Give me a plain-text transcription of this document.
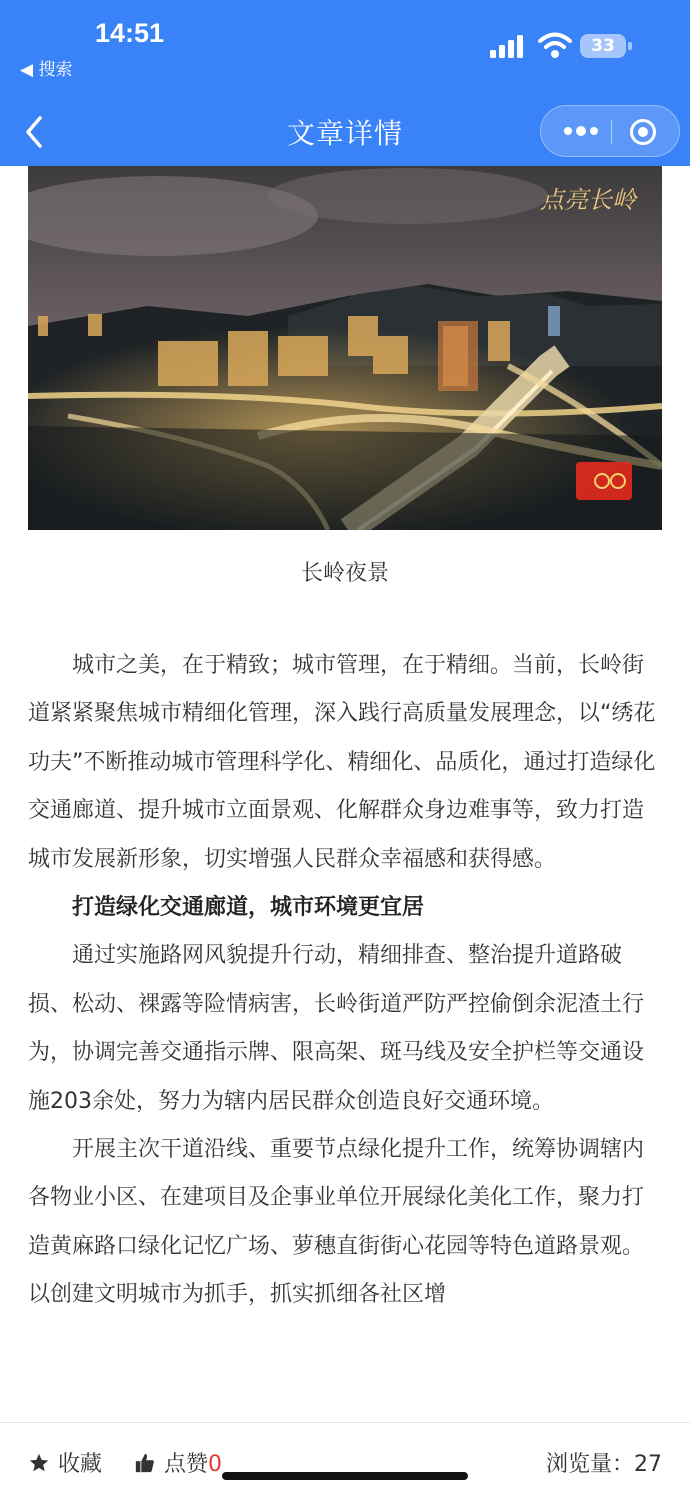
14:51
◀ 搜索
33
文章详情
点亮长岭
长岭夜景

城市之美，在于精致；城市管理，在于精细。当前，长岭街道紧紧聚焦城市精细化管理，深入践行高质量发展理念，以“绣花功夫”不断推动城市管理科学化、精细化、品质化，通过打造绿化交通廊道、提升城市立面景观、化解群众身边难事等，致力打造城市发展新形象，切实增强人民群众幸福感和获得感。

打造绿化交通廊道，城市环境更宜居

通过实施路网风貌提升行动，精细排查、整治提升道路破损、松动、裸露等险情病害，长岭街道严防严控偷倒余泥渣土行为，协调完善交通指示牌、限高架、斑马线及安全护栏等交通设施203余处，努力为辖内居民群众创造良好交通环境。

开展主次干道沿线、重要节点绿化提升工作，统筹协调辖内各物业小区、在建项目及企事业单位开展绿化美化工作，聚力打造黄麻路口绿化记忆广场、萝穗直街街心花园等特色道路景观。以创建文明城市为抓手，抓实抓细各社区增

收藏	点赞0	浏览量：27
